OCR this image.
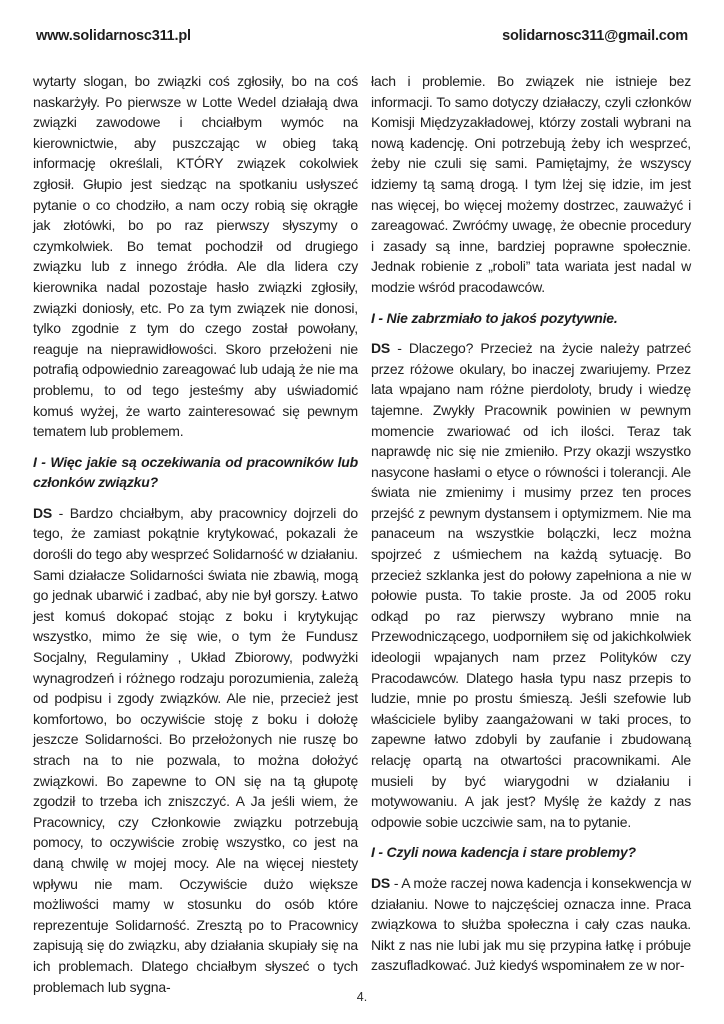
www.solidarnosc311.pl	solidarnosc311@gmail.com

wytarty slogan, bo związki coś zgłosiły, bo na coś naskarżyły. Po pierwsze w Lotte Wedel działają dwa związki zawodowe i chciałbym wymóc na kierownictwie, aby puszczając w obieg taką informację określali, KTÓRY związek cokolwiek zgłosił. Głupio jest siedząc na spotkaniu usłyszeć pytanie o co chodziło, a nam oczy robią się okrągłe jak złotówki, bo po raz pierwszy słyszymy o czymkolwiek. Bo temat pochodził od drugiego związku lub z innego źródła. Ale dla lidera czy kierownika nadal pozostaje hasło związki zgłosiły, związki doniosły, etc. Po za tym związek nie donosi, tylko zgodnie z tym do czego został powołany, reaguje na nieprawidłowości. Skoro przełożeni nie potrafią odpowiednio zareagować lub udają że nie ma problemu, to od tego jesteśmy aby uświadomić komuś wyżej, że warto zainteresować się pewnym tematem lub problemem.

I - Więc jakie są oczekiwania od pracowników lub członków związku?

DS - Bardzo chciałbym, aby pracownicy dojrzeli do tego, że zamiast pokątnie krytykować, pokazali że dorośli do tego aby wesprzeć Solidarność w działaniu. Sami działacze Solidarności świata nie zbawią, mogą go jednak ubarwić i zadbać, aby nie był gorszy. Łatwo jest komuś dokopać stojąc z boku i krytykując wszystko, mimo że się wie, o tym że Fundusz Socjalny, Regulaminy , Układ Zbiorowy, podwyżki wynagrodzeń i różnego rodzaju porozumienia, zależą od podpisu i zgody związków. Ale nie, przecież jest komfortowo, bo oczywiście stoję z boku i dołożę jeszcze Solidarności. Bo przełożonych nie ruszę bo strach na to nie pozwala, to można dołożyć związkowi. Bo zapewne to ON się na tą głupotę zgodził to trzeba ich zniszczyć. A Ja jeśli wiem, że Pracownicy, czy Członkowie związku potrzebują pomocy, to oczywiście zrobię wszystko, co jest na daną chwilę w mojej mocy. Ale na więcej niestety wpływu nie mam. Oczywiście dużo większe możliwości mamy w stosunku do osób które reprezentuje Solidarność. Zresztą po to Pracownicy zapisują się do związku, aby działania skupiały się na ich problemach. Dlatego chciałbym słyszeć o tych problemach lub sygna-

łach i problemie. Bo związek nie istnieje bez informacji. To samo dotyczy działaczy, czyli członków Komisji Międzyzakładowej, którzy zostali wybrani na nową kadencję. Oni potrzebują żeby ich wesprzeć, żeby nie czuli się sami. Pamiętajmy, że wszyscy idziemy tą samą drogą. I tym lżej się idzie, im jest nas więcej, bo więcej możemy dostrzec, zauważyć i zareagować. Zwróćmy uwagę, że obecnie procedury i zasady są inne, bardziej poprawne społecznie. Jednak robienie z „roboli” tata wariata jest nadal w modzie wśród pracodawców.

I - Nie zabrzmiało to jakoś pozytywnie.

DS - Dlaczego? Przecież na życie należy patrzeć przez różowe okulary, bo inaczej zwariujemy. Przez lata wpajano nam różne pierdoloty, brudy i wiedzę tajemne. Zwykły Pracownik powinien w pewnym momencie zwariować od ich ilości. Teraz tak naprawdę nic się nie zmieniło. Przy okazji wszystko nasycone hasłami o etyce o równości i tolerancji. Ale świata nie zmienimy i musimy przez ten proces przejść z pewnym dystansem i optymizmem. Nie ma panaceum na wszystkie bolączki, lecz można spojrzeć z uśmiechem na każdą sytuację. Bo przecież szklanka jest do połowy zapełniona a nie w połowie pusta. To takie proste. Ja od 2005 roku odkąd po raz pierwszy wybrano mnie na Przewodniczącego, uodporniłem się od jakichkolwiek ideologii wpajanych nam przez Polityków czy Pracodawców. Dlatego hasła typu nasz przepis to ludzie, mnie po prostu śmieszą. Jeśli szefowie lub właściciele byliby zaangażowani w taki proces, to zapewne łatwo zdobyli by zaufanie i zbudowaną relację opartą na otwartości pracownikami. Ale musieli by być wiarygodni w działaniu i motywowaniu. A jak jest? Myślę że każdy z nas odpowie sobie uczciwie sam, na to pytanie.

I - Czyli nowa kadencja i stare problemy?

DS - A może raczej nowa kadencja i konsekwencja w działaniu. Nowe to najczęściej oznacza inne. Praca związkowa to służba społeczna i cały czas nauka. Nikt z nas nie lubi jak mu się przypina łatkę i próbuje zaszufladkować. Już kiedyś wspominałem ze w nor-

4.
